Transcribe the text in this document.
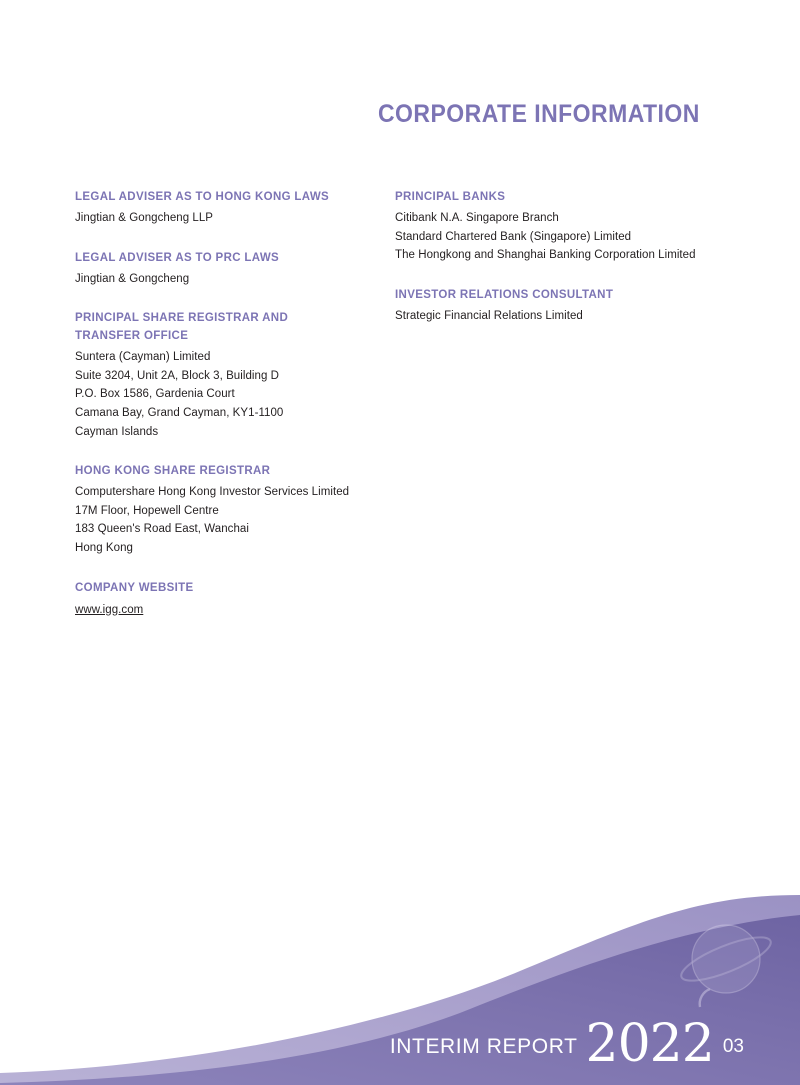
CORPORATE INFORMATION
LEGAL ADVISER AS TO HONG KONG LAWS
Jingtian & Gongcheng LLP
LEGAL ADVISER AS TO PRC LAWS
Jingtian & Gongcheng
PRINCIPAL SHARE REGISTRAR AND TRANSFER OFFICE
Suntera (Cayman) Limited
Suite 3204, Unit 2A, Block 3, Building D
P.O. Box 1586, Gardenia Court
Camana Bay, Grand Cayman, KY1-1100
Cayman Islands
HONG KONG SHARE REGISTRAR
Computershare Hong Kong Investor Services Limited
17M Floor, Hopewell Centre
183 Queen's Road East, Wanchai
Hong Kong
COMPANY WEBSITE
www.igg.com
PRINCIPAL BANKS
Citibank N.A. Singapore Branch
Standard Chartered Bank (Singapore) Limited
The Hongkong and Shanghai Banking Corporation Limited
INVESTOR RELATIONS CONSULTANT
Strategic Financial Relations Limited
INTERIM REPORT 2022 03
